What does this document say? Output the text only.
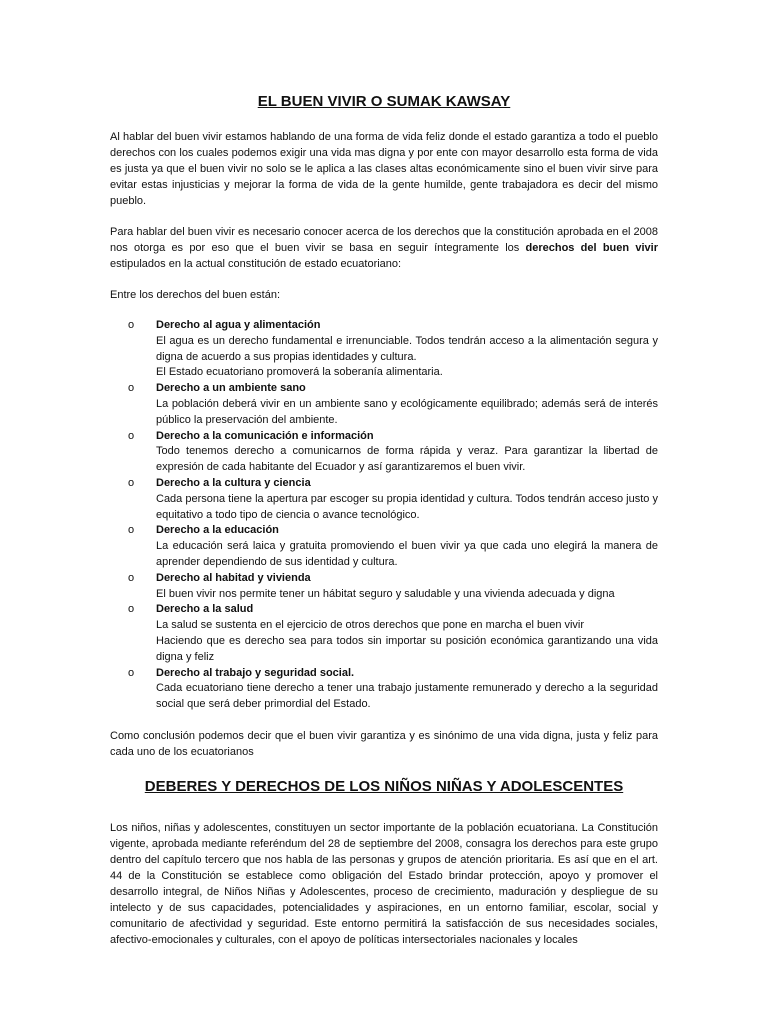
EL BUEN VIVIR O SUMAK KAWSAY

Al hablar del buen vivir estamos hablando de una forma de vida feliz donde el estado garantiza a todo el pueblo derechos con los cuales podemos exigir una vida mas digna y por ente con mayor desarrollo esta forma de vida es justa ya que el buen vivir no solo se le aplica a las clases altas económicamente sino el buen vivir sirve para evitar estas injusticias y mejorar la forma de vida de la gente humilde, gente trabajadora es decir del mismo pueblo.

Para hablar del buen vivir es necesario conocer acerca de los derechos que la constitución aprobada en el 2008 nos otorga es por eso que el buen vivir se basa en seguir íntegramente los derechos del buen vivir estipulados en la actual constitución de estado ecuatoriano:

Entre los derechos del buen están:

o Derecho al agua y alimentación
El agua es un derecho fundamental e irrenunciable. Todos tendrán acceso a la alimentación segura y digna de acuerdo a sus propias identidades y cultura.
El Estado ecuatoriano promoverá la soberanía alimentaria.
o Derecho a un ambiente sano
La población deberá vivir en un ambiente sano y ecológicamente equilibrado; además será de interés público la preservación del ambiente.
o Derecho a la comunicación e información
Todo tenemos derecho a comunicarnos de forma rápida y veraz. Para garantizar la libertad de expresión de cada habitante del Ecuador y así garantizaremos el buen vivir.
o Derecho a la cultura y ciencia
Cada persona tiene la apertura par escoger su propia identidad y cultura. Todos tendrán acceso justo y equitativo a todo tipo de ciencia o avance tecnológico.
o Derecho a la educación
La educación será laica y gratuita promoviendo el buen vivir ya que cada uno elegirá la manera de aprender dependiendo de sus identidad y cultura.
o Derecho al habitad y vivienda
El buen vivir nos permite tener un hábitat seguro y saludable y una vivienda adecuada y digna
o Derecho a la salud
La salud se sustenta en el ejercicio de otros derechos que pone en marcha el buen vivir
Haciendo que es derecho sea para todos sin importar su posición económica garantizando una vida digna y feliz
o Derecho al trabajo y seguridad social.
Cada ecuatoriano tiene derecho a tener una trabajo justamente remunerado y derecho a la seguridad social que será deber primordial del Estado.

Como conclusión podemos decir que el buen vivir garantiza y es sinónimo de una vida digna, justa y feliz para cada uno de los ecuatorianos

DEBERES Y DERECHOS DE LOS NIÑOS NIÑAS Y ADOLESCENTES

Los niños, niñas y adolescentes, constituyen un sector importante de la población ecuatoriana. La Constitución vigente, aprobada mediante referéndum del 28 de septiembre del 2008, consagra los derechos para este grupo dentro del capítulo tercero que nos habla de las personas y grupos de atención prioritaria. Es así que en el art. 44 de la Constitución se establece como obligación del Estado brindar protección, apoyo y promover el desarrollo integral, de Niños Niñas y Adolescentes, proceso de crecimiento, maduración y despliegue de su intelecto y de sus capacidades, potencialidades y aspiraciones, en un entorno familiar, escolar, social y comunitario de afectividad y seguridad. Este entorno permitirá la satisfacción de sus necesidades sociales, afectivo-emocionales y culturales, con el apoyo de políticas intersectoriales nacionales y locales
